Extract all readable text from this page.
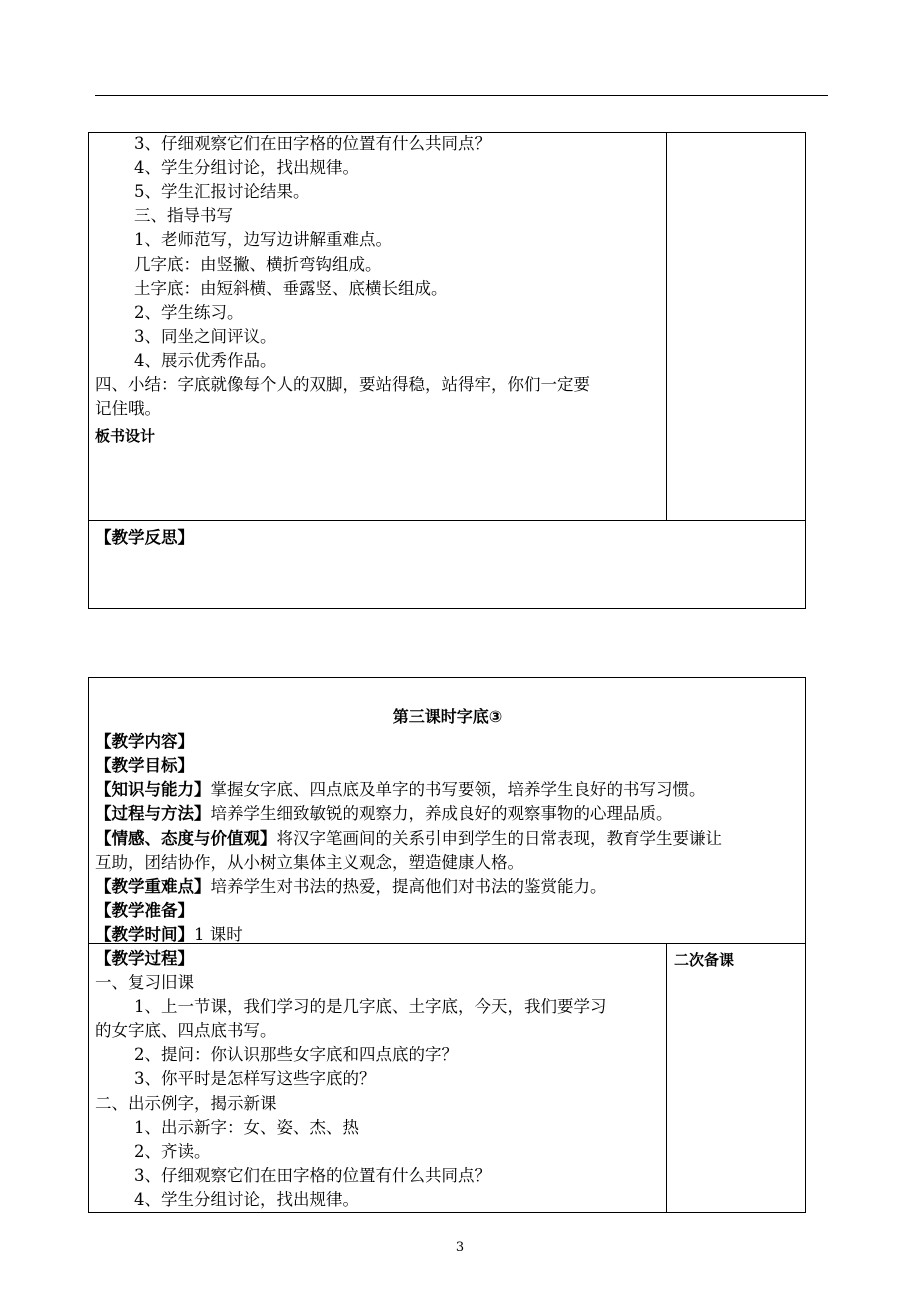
3、仔细观察它们在田字格的位置有什么共同点？
4、学生分组讨论，找出规律。
5、学生汇报讨论结果。
三、指导书写
1、老师范写，边写边讲解重难点。
几字底：由竖撇、横折弯钩组成。
土字底：由短斜横、垂露竖、底横长组成。
2、学生练习。
3、同坐之间评议。
4、展示优秀作品。
四、小结：字底就像每个人的双脚，要站得稳，站得牢，你们一定要
记住哦。
板书设计
【教学反思】
第三课时字底③
【教学内容】
【教学目标】
【知识与能力】掌握女字底、四点底及单字的书写要领，培养学生良好的书写习惯。
【过程与方法】培养学生细致敏锐的观察力，养成良好的观察事物的心理品质。
【情感、态度与价值观】将汉字笔画间的关系引申到学生的日常表现，教育学生要谦让
互助，团结协作，从小树立集体主义观念，塑造健康人格。
【教学重难点】培养学生对书法的热爱，提高他们对书法的鉴赏能力。
【教学准备】
【教学时间】1 课时
【教学过程】	二次备课
一、复习旧课
1、上一节课，我们学习的是几字底、土字底，今天，我们要学习
的女字底、四点底书写。
2、提问：你认识那些女字底和四点底的字？
3、你平时是怎样写这些字底的？
二、出示例字，揭示新课
1、出示新字：女、姿、杰、热
2、齐读。
3、仔细观察它们在田字格的位置有什么共同点？
4、学生分组讨论，找出规律。
3
